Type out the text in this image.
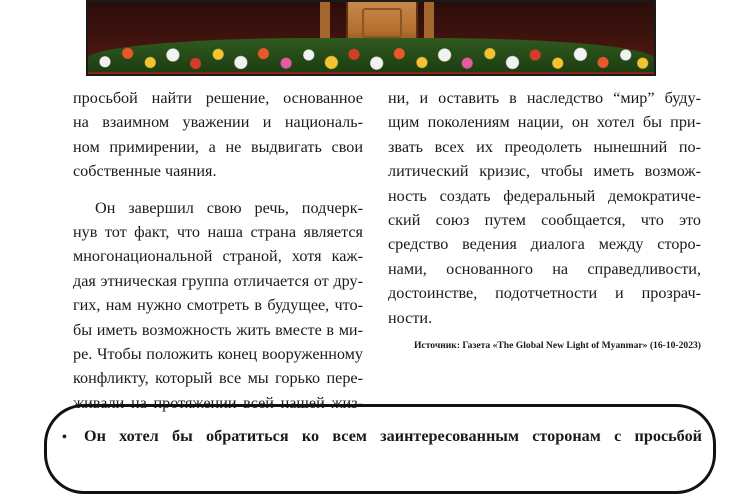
просьбой найти решение, основанное
на взаимном уважении и националь-
ном примирении, а не выдвигать свои
собственные чаяния.

Он завершил свою речь, подчерк-
нув тот факт, что наша страна является
многонациональной страной, хотя каж-
дая этническая группа отличается от дру-
гих, нам нужно смотреть в будущее, что-
бы иметь возможность жить вместе в ми-
ре. Чтобы положить конец вооруженному
конфликту, который все мы горько пере-
живали на протяжении всей нашей жиз-

ни, и оставить в наследство “мир” буду-
щим поколениям нации, он хотел бы при-
звать всех их преодолеть нынешний по-
литический кризис, чтобы иметь возмож-
ность создать федеральный демократиче-
ский союз путем сообщается, что это
средство ведения диалога между сторо-
нами, основанного на справедливости,
достоинстве, подотчетности и прозрач-
ности.

Источник: Газета «The Global New Light of Myanmar» (16-10-2023)
•	Он хотел бы обратиться ко всем заинтересованным сторонам с просьбой
